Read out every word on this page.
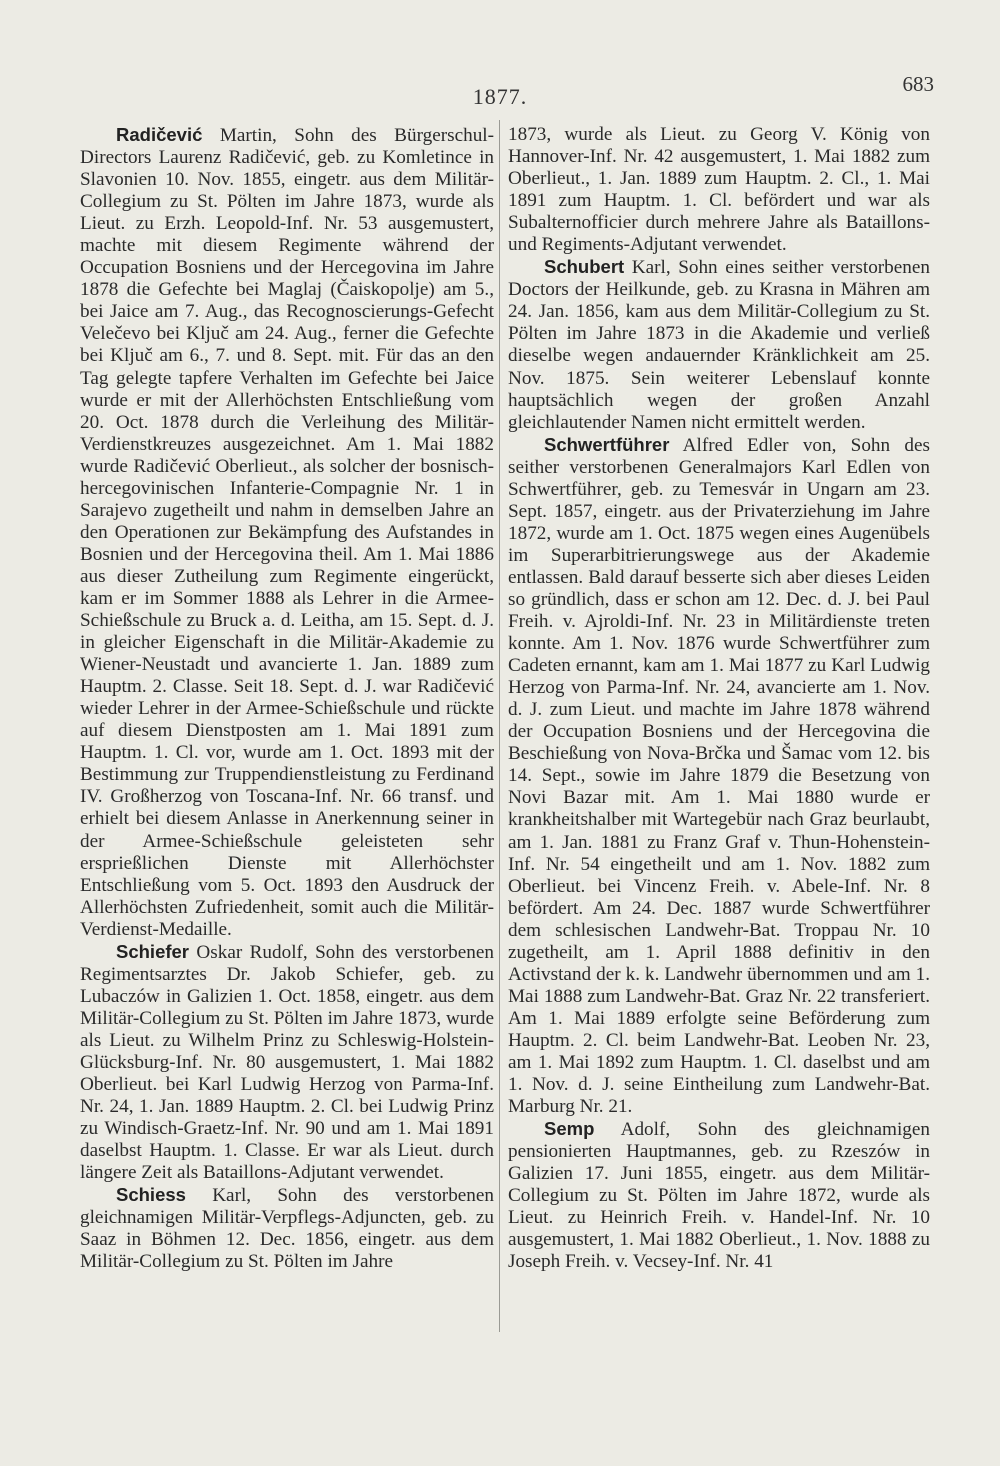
1877.	683

Radičević Martin, Sohn des Bürgerschul-Directors Laurenz Radičević, geb. zu Komletince in Slavonien 10. Nov. 1855, eingetr. aus dem Militär-Collegium zu St. Pölten im Jahre 1873, wurde als Lieut. zu Erzh. Leopold-Inf. Nr. 53 ausgemustert, machte mit diesem Regimente während der Occupation Bosniens und der Hercegovina im Jahre 1878 die Gefechte bei Maglaj (Čaiskopolje) am 5., bei Jaice am 7. Aug., das Recognoscierungs-Gefecht Velečevo bei Ključ am 24. Aug., ferner die Gefechte bei Ključ am 6., 7. und 8. Sept. mit. Für das an den Tag gelegte tapfere Verhalten im Gefechte bei Jaice wurde er mit der Allerhöchsten Entschließung vom 20. Oct. 1878 durch die Verleihung des Militär-Verdienstkreuzes ausgezeichnet. Am 1. Mai 1882 wurde Radičević Oberlieut., als solcher der bosnisch-hercegovinischen Infanterie-Compagnie Nr. 1 in Sarajevo zugetheilt und nahm in demselben Jahre an den Operationen zur Bekämpfung des Aufstandes in Bosnien und der Hercegovina theil. Am 1. Mai 1886 aus dieser Zutheilung zum Regimente eingerückt, kam er im Sommer 1888 als Lehrer in die Armee-Schießschule zu Bruck a. d. Leitha, am 15. Sept. d. J. in gleicher Eigenschaft in die Militär-Akademie zu Wiener-Neustadt und avancierte 1. Jan. 1889 zum Hauptm. 2. Classe. Seit 18. Sept. d. J. war Radičević wieder Lehrer in der Armee-Schießschule und rückte auf diesem Dienstposten am 1. Mai 1891 zum Hauptm. 1. Cl. vor, wurde am 1. Oct. 1893 mit der Bestimmung zur Truppendienstleistung zu Ferdinand IV. Großherzog von Toscana-Inf. Nr. 66 transf. und erhielt bei diesem Anlasse in Anerkennung seiner in der Armee-Schießschule geleisteten sehr ersprießlichen Dienste mit Allerhöchster Entschließung vom 5. Oct. 1893 den Ausdruck der Allerhöchsten Zufriedenheit, somit auch die Militär-Verdienst-Medaille.

Schiefer Oskar Rudolf, Sohn des verstorbenen Regimentsarztes Dr. Jakob Schiefer, geb. zu Lubaczów in Galizien 1. Oct. 1858, eingetr. aus dem Militär-Collegium zu St. Pölten im Jahre 1873, wurde als Lieut. zu Wilhelm Prinz zu Schleswig-Holstein-Glücksburg-Inf. Nr. 80 ausgemustert, 1. Mai 1882 Oberlieut. bei Karl Ludwig Herzog von Parma-Inf. Nr. 24, 1. Jan. 1889 Hauptm. 2. Cl. bei Ludwig Prinz zu Windisch-Graetz-Inf. Nr. 90 und am 1. Mai 1891 daselbst Hauptm. 1. Classe. Er war als Lieut. durch längere Zeit als Bataillons-Adjutant verwendet.

Schiess Karl, Sohn des verstorbenen gleichnamigen Militär-Verpflegs-Adjuncten, geb. zu Saaz in Böhmen 12. Dec. 1856, eingetr. aus dem Militär-Collegium zu St. Pölten im Jahre

1873, wurde als Lieut. zu Georg V. König von Hannover-Inf. Nr. 42 ausgemustert, 1. Mai 1882 zum Oberlieut., 1. Jan. 1889 zum Hauptm. 2. Cl., 1. Mai 1891 zum Hauptm. 1. Cl. befördert und war als Subalternofficier durch mehrere Jahre als Bataillons- und Regiments-Adjutant verwendet.

Schubert Karl, Sohn eines seither verstorbenen Doctors der Heilkunde, geb. zu Krasna in Mähren am 24. Jan. 1856, kam aus dem Militär-Collegium zu St. Pölten im Jahre 1873 in die Akademie und verließ dieselbe wegen andauernder Kränklichkeit am 25. Nov. 1875. Sein weiterer Lebenslauf konnte hauptsächlich wegen der großen Anzahl gleichlautender Namen nicht ermittelt werden.

Schwertführer Alfred Edler von, Sohn des seither verstorbenen Generalmajors Karl Edlen von Schwertführer, geb. zu Temesvár in Ungarn am 23. Sept. 1857, eingetr. aus der Privaterziehung im Jahre 1872, wurde am 1. Oct. 1875 wegen eines Augenübels im Superarbitrierungswege aus der Akademie entlassen. Bald darauf besserte sich aber dieses Leiden so gründlich, dass er schon am 12. Dec. d. J. bei Paul Freih. v. Ajroldi-Inf. Nr. 23 in Militärdienste treten konnte. Am 1. Nov. 1876 wurde Schwertführer zum Cadeten ernannt, kam am 1. Mai 1877 zu Karl Ludwig Herzog von Parma-Inf. Nr. 24, avancierte am 1. Nov. d. J. zum Lieut. und machte im Jahre 1878 während der Occupation Bosniens und der Hercegovina die Beschießung von Nova-Brčka und Šamac vom 12. bis 14. Sept., sowie im Jahre 1879 die Besetzung von Novi Bazar mit. Am 1. Mai 1880 wurde er krankheitshalber mit Wartegebür nach Graz beurlaubt, am 1. Jan. 1881 zu Franz Graf v. Thun-Hohenstein-Inf. Nr. 54 eingetheilt und am 1. Nov. 1882 zum Oberlieut. bei Vincenz Freih. v. Abele-Inf. Nr. 8 befördert. Am 24. Dec. 1887 wurde Schwertführer dem schlesischen Landwehr-Bat. Troppau Nr. 10 zugetheilt, am 1. April 1888 definitiv in den Activstand der k. k. Landwehr übernommen und am 1. Mai 1888 zum Landwehr-Bat. Graz Nr. 22 transferiert. Am 1. Mai 1889 erfolgte seine Beförderung zum Hauptm. 2. Cl. beim Landwehr-Bat. Leoben Nr. 23, am 1. Mai 1892 zum Hauptm. 1. Cl. daselbst und am 1. Nov. d. J. seine Eintheilung zum Landwehr-Bat. Marburg Nr. 21.

Semp Adolf, Sohn des gleichnamigen pensionierten Hauptmannes, geb. zu Rzeszów in Galizien 17. Juni 1855, eingetr. aus dem Militär-Collegium zu St. Pölten im Jahre 1872, wurde als Lieut. zu Heinrich Freih. v. Handel-Inf. Nr. 10 ausgemustert, 1. Mai 1882 Oberlieut., 1. Nov. 1888 zu Joseph Freih. v. Vecsey-Inf. Nr. 41
